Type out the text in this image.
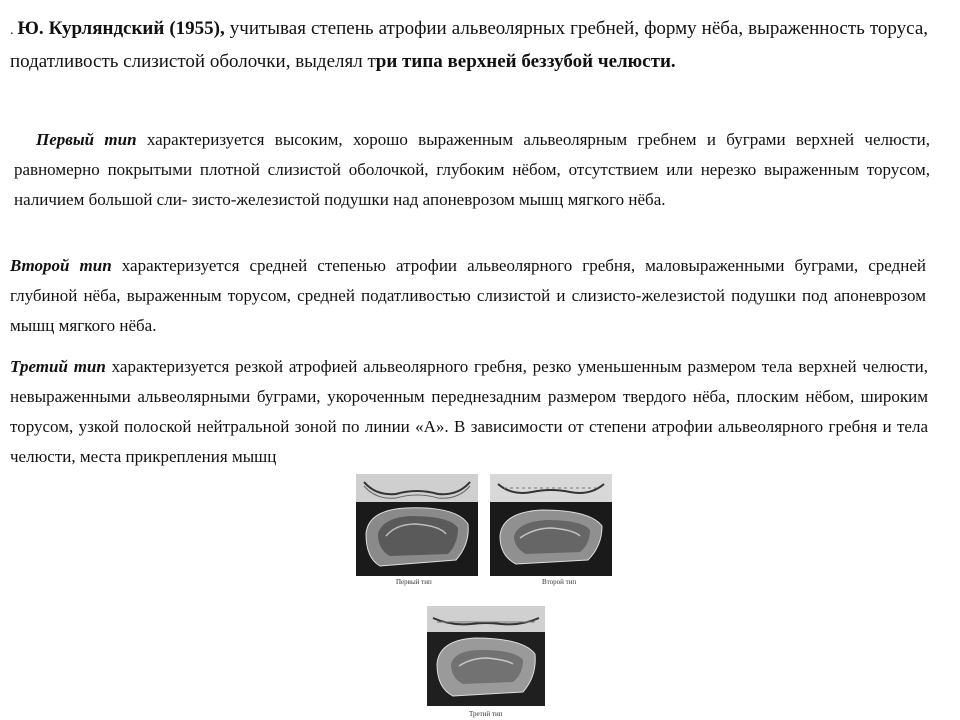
. Ю. Курляндский (1955), учитывая степень атрофии альвеолярных гребней, форму нёба, выраженность торуса, податливость слизистой оболочки, выделял три типа верхней беззубой челюсти.

Первый тип характеризуется высоким, хорошо выраженным альвеолярным гребнем и буграми верхней челюсти, равномерно покрытыми плотной слизистой оболочкой, глубоким нёбом, отсутствием или нерезко выраженным торусом, наличием большой сли- зисто-железистой подушки над апоневрозом мышц мягкого нёба.

Второй тип характеризуется средней степенью атрофии альвеолярного гребня, маловыраженными буграми, средней глубиной нёба, выраженным торусом, средней податливостью слизистой и слизисто-железистой подушки под апоневрозом мышц мягкого нёба.

Третий тип характеризуется резкой атрофией альвеолярного гребня, резко уменьшенным размером тела верхней челюсти, невыраженными альвеолярными буграми, укороченным переднезадним размером твердого нёба, плоским нёбом, широким торусом, узкой полоской нейтральной зоной по линии «А». В зависимости от степени атрофии альвеолярного гребня и тела челюсти, места прикрепления мышц

Первый тип	Второй тип
Третий тип
